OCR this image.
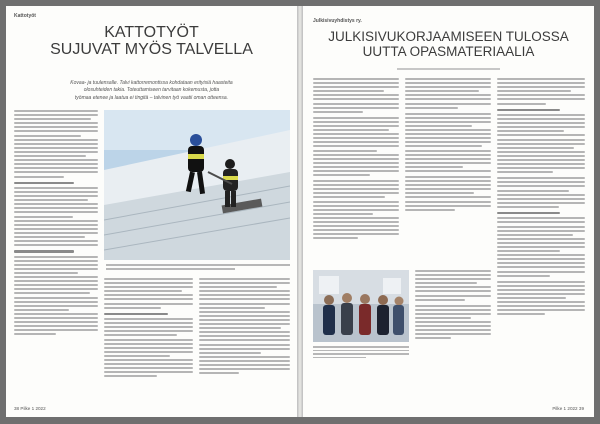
Kattotyöt
KATTOTYÖT
SUJUVAT MYÖS TALVELLA
Kovaa- ja tuulensalle. Talvi kattorremontissa kohdataan erityisiä haasteita
olosuhteiden takia. Toteuttamiseen tarvitaan kokemusta, jotta
työmaa etenee ja laatua ei tingitä – talvinen työ vaatii oman otteensa.
38 Pilke 1 2022
Julkisivuyhdistys ry.
JULKISIVUKORJAAMISEEN TULOSSA
UUTTA OPASMATERIAALIA
Pilke 1 2022 39
